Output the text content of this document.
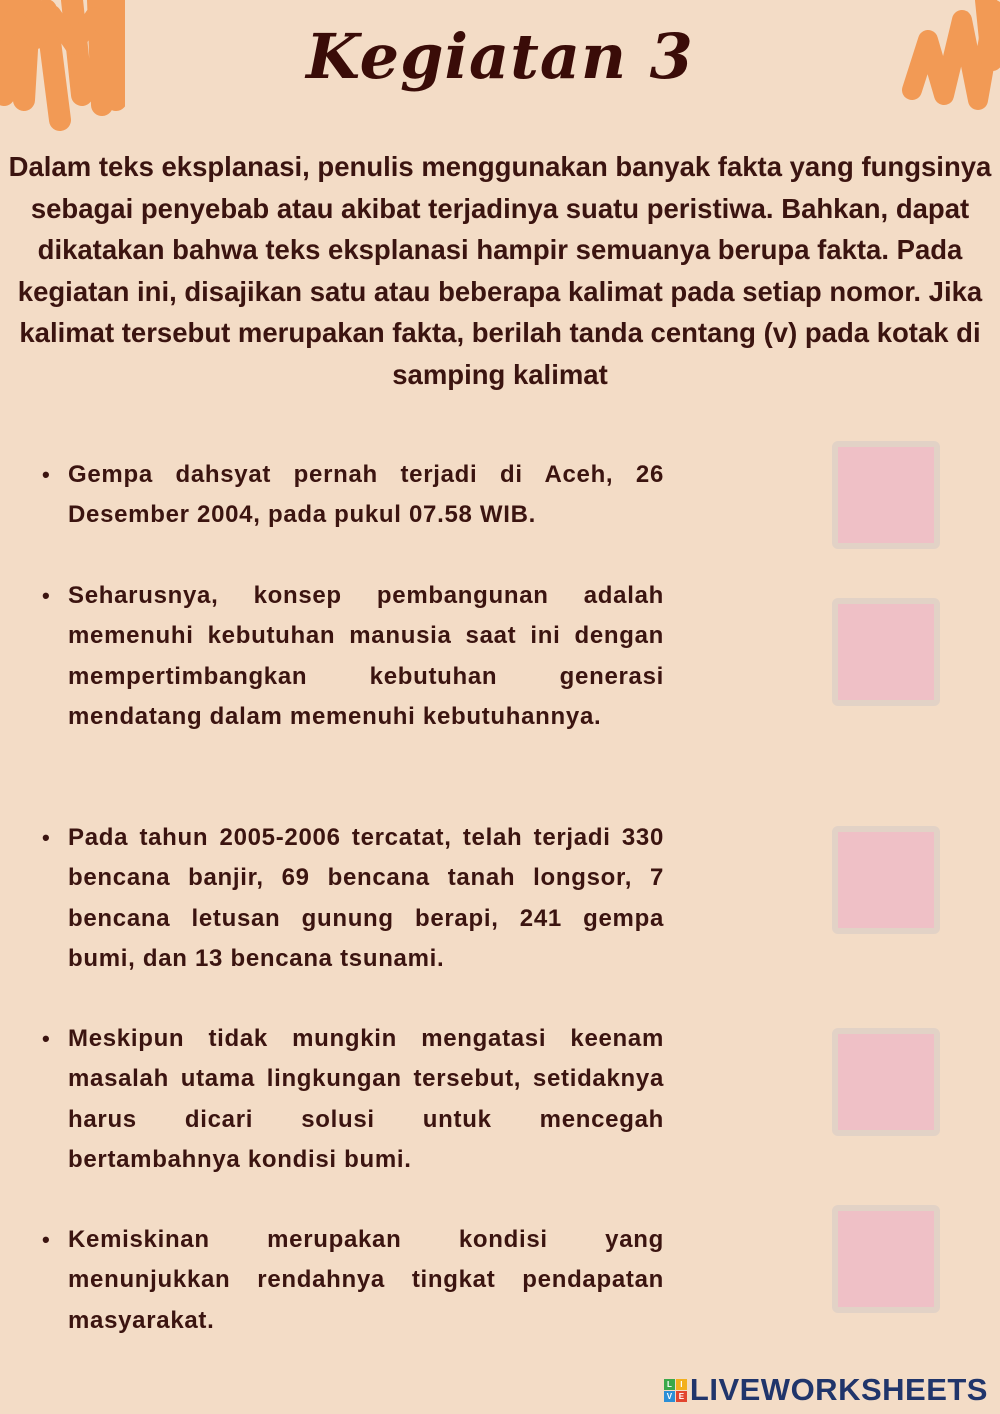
Kegiatan 3

Dalam teks eksplanasi, penulis menggunakan banyak fakta yang fungsinya sebagai penyebab atau akibat terjadinya suatu peristiwa. Bahkan, dapat dikatakan bahwa teks eksplanasi hampir semuanya berupa fakta. Pada kegiatan ini, disajikan satu atau beberapa kalimat pada setiap nomor. Jika kalimat tersebut merupakan fakta, berilah tanda centang (v) pada kotak di samping kalimat

• Gempa dahsyat pernah terjadi di Aceh, 26 Desember 2004, pada pukul 07.58 WIB.
• Seharusnya, konsep pembangunan adalah memenuhi kebutuhan manusia saat ini dengan mempertimbangkan kebutuhan generasi mendatang dalam memenuhi kebutuhannya.
• Pada tahun 2005-2006 tercatat, telah terjadi 330 bencana banjir, 69 bencana tanah longsor, 7 bencana letusan gunung berapi, 241 gempa bumi, dan 13 bencana tsunami.
• Meskipun tidak mungkin mengatasi keenam masalah utama lingkungan tersebut, setidaknya harus dicari solusi untuk mencegah bertambahnya kondisi bumi.
• Kemiskinan merupakan kondisi yang menunjukkan rendahnya tingkat pendapatan masyarakat.
L	I
V E LIVEWORKSHEETS
